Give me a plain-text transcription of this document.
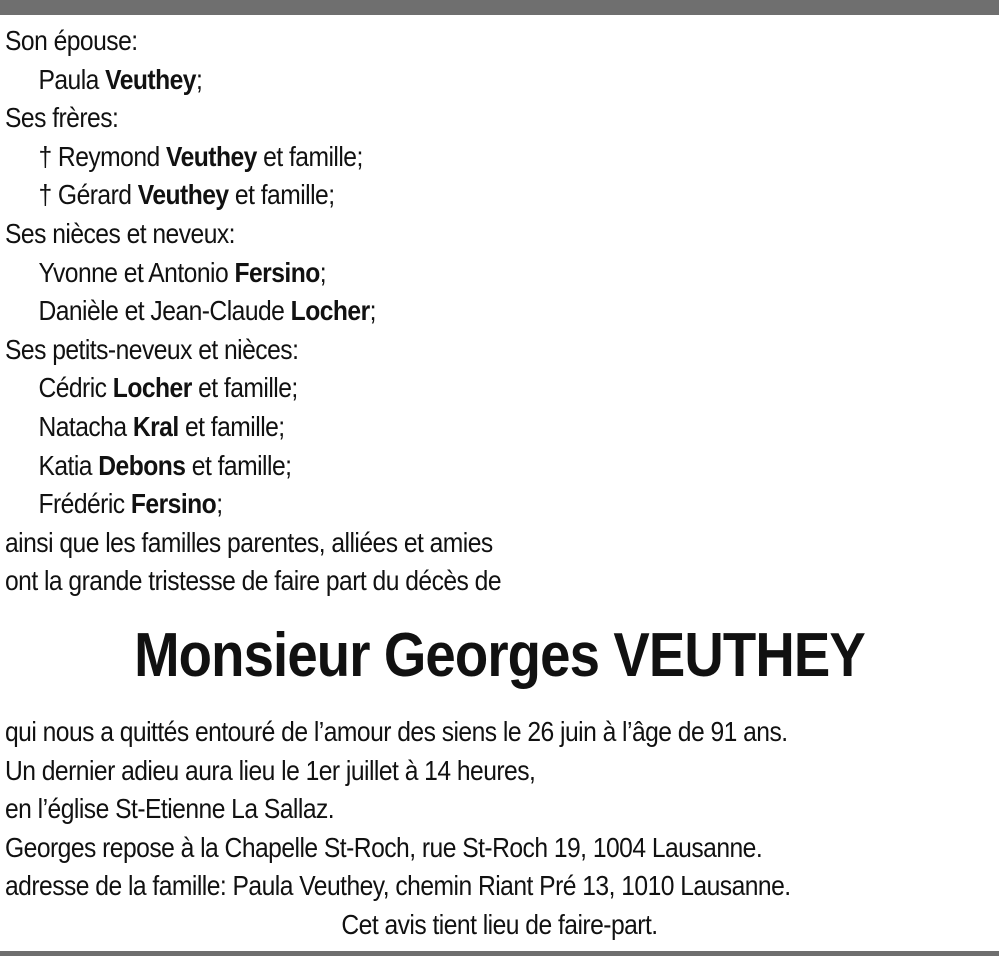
Son épouse:
Paula Veuthey;
Ses frères:
† Reymond Veuthey et famille;
† Gérard Veuthey et famille;
Ses nièces et neveux:
Yvonne et Antonio Fersino;
Danièle et Jean-Claude Locher;
Ses petits-neveux et nièces:
Cédric Locher et famille;
Natacha Kral et famille;
Katia Debons et famille;
Frédéric Fersino;
ainsi que les familles parentes, alliées et amies
ont la grande tristesse de faire part du décès de
Monsieur Georges VEUTHEY
qui nous a quittés entouré de l’amour des siens le 26 juin à l’âge de 91 ans.
Un dernier adieu aura lieu le 1er juillet à 14 heures,
en l’église St-Etienne La Sallaz.
Georges repose à la Chapelle St-Roch, rue St-Roch 19, 1004 Lausanne.
adresse de la famille: Paula Veuthey, chemin Riant Pré 13, 1010 Lausanne.
Cet avis tient lieu de faire-part.
